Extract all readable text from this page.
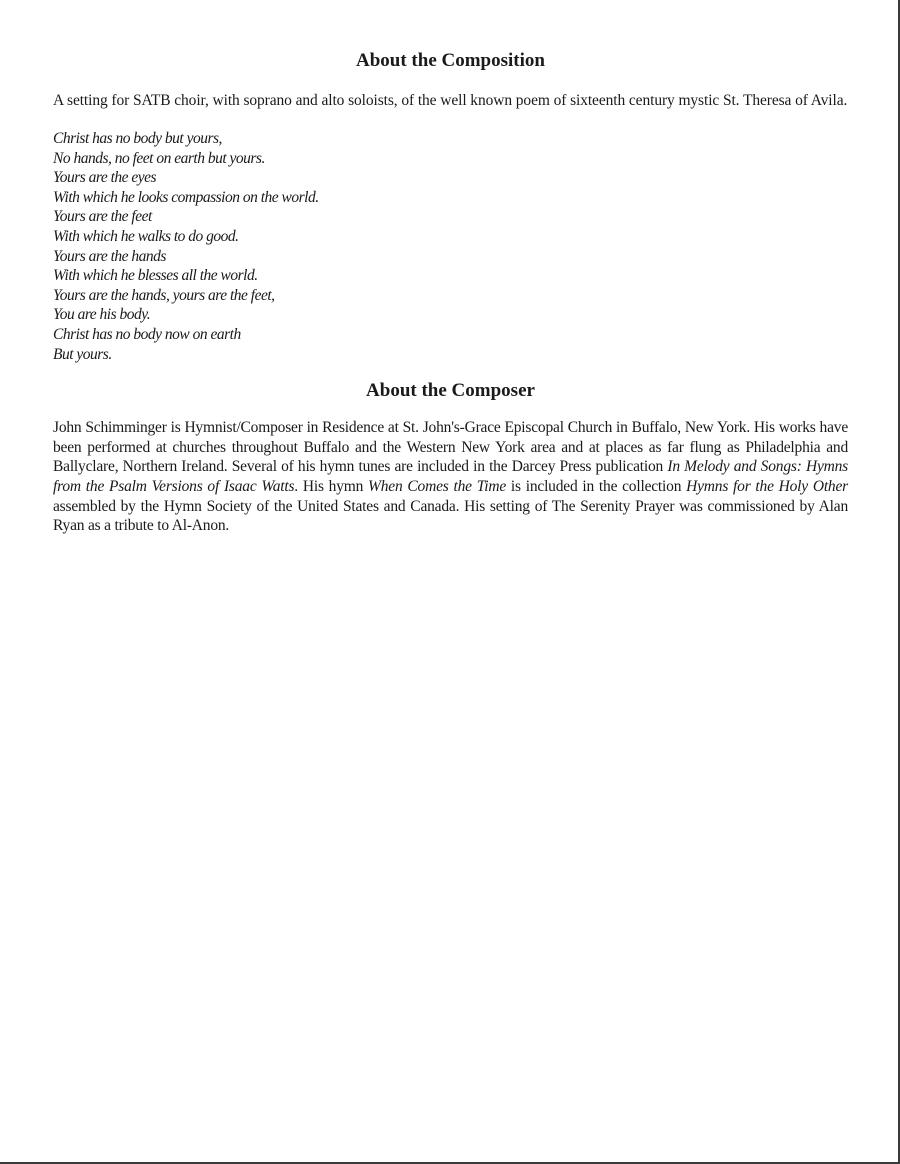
About the Composition

A setting for SATB choir, with soprano and alto soloists, of the well known poem of sixteenth century mystic St. Theresa of Avila.

Christ has no body but yours,
No hands, no feet on earth but yours.
Yours are the eyes
With which he looks compassion on the world.
Yours are the feet
With which he walks to do good.
Yours are the hands
With which he blesses all the world.
Yours are the hands, yours are the feet,
You are his body.
Christ has no body now on earth
But yours.
About the Composer

John Schimminger is Hymnist/Composer in Residence at St. John's-Grace Episcopal Church in Buffalo, New York. His works have been performed at churches throughout Buffalo and the Western New York area and at places as far flung as Philadelphia and Ballyclare, Northern Ireland. Several of his hymn tunes are included in the Darcey Press publication In Melody and Songs: Hymns from the Psalm Versions of Isaac Watts. His hymn When Comes the Time is included in the collection Hymns for the Holy Other assembled by the Hymn Society of the United States and Canada. His setting of The Serenity Prayer was commissioned by Alan Ryan as a tribute to Al-Anon.
